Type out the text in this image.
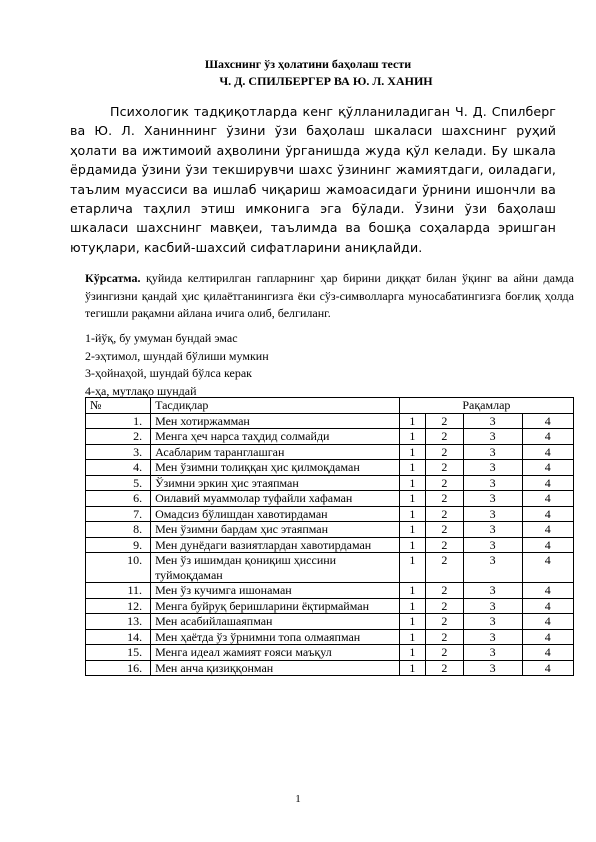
Шахснинг ўз ҳолатини баҳолаш тести
Ч. Д. СПИЛБЕРГЕР ВА Ю. Л. ХАНИН

Психологик тадқиқотларда кенг қўлланиладиган Ч. Д. Спилберг ва Ю. Л. Ханиннинг ўзини ўзи баҳолаш шкаласи шахснинг руҳий ҳолати ва ижтимоий аҳволини ўрганишда жуда қўл келади. Бу шкала ёрдамида ўзини ўзи текширувчи шахс ўзининг жамиятдаги, оиладаги, таълим муассиси ва ишлаб чиқариш жамоасидаги ўрнини ишончли ва етарлича таҳлил этиш имконига эга бўлади. Ўзини ўзи баҳолаш шкаласи шахснинг мавқеи, таълимда ва бошқа соҳаларда эришган ютуқлари, касбий-шахсий сифатларини аниқлайди.

Кўрсатма. қуйида келтирилган гапларнинг ҳар бирини диққат билан ўқинг ва айни дамда ўзингизни қандай ҳис қилаётганингизга ёки сўз-символларга муносабатингизга боғлиқ ҳолда тегишли рақамни айлана ичига олиб, белгиланг.

1-йўқ, бу умуман бундай эмас
2-эҳтимол, шундай бўлиши мумкин
3-ҳойнаҳой, шундай бўлса керак
4-ҳа, мутлақо шундай
№	Тасдиқлар	Рақамлар			
1.	Мен хотиржамман	1	2	3	4
2.	Менга ҳеч нарса таҳдид солмайди	1	2	3	4
3.	Асабларим таранглашган	1	2	3	4
4.	Мен ўзимни толиққан ҳис қилмоқдаман	1	2	3	4
5.	Ўзимни эркин ҳис этаяпман	1	2	3	4
6.	Оилавий муаммолар туфайли хафаман	1	2	3	4
7.	Омадсиз бўлишдан хавотирдаман	1	2	3	4
8.	Мен ўзимни бардам ҳис этаяпман	1	2	3	4
9.	Мен дунёдаги вазиятлардан хавотирдаман	1	2	3	4
10.	Мен ўз ишимдан қониқиш ҳиссини туймоқдаман	1	2	3	4
11.	Мен ўз кучимга ишонаман	1	2	3	4
12.	Менга буйруқ беришларини ёқтирмайман	1	2	3	4
13.	Мен асабийлашаяпман	1	2	3	4
14.	Мен ҳаётда ўз ўрнимни топа олмаяпман	1	2	3	4
15.	Менга идеал жамият ғояси маъқул	1	2	3	4
16.	Мен анча қизиққонман	1	2	3	4
1
